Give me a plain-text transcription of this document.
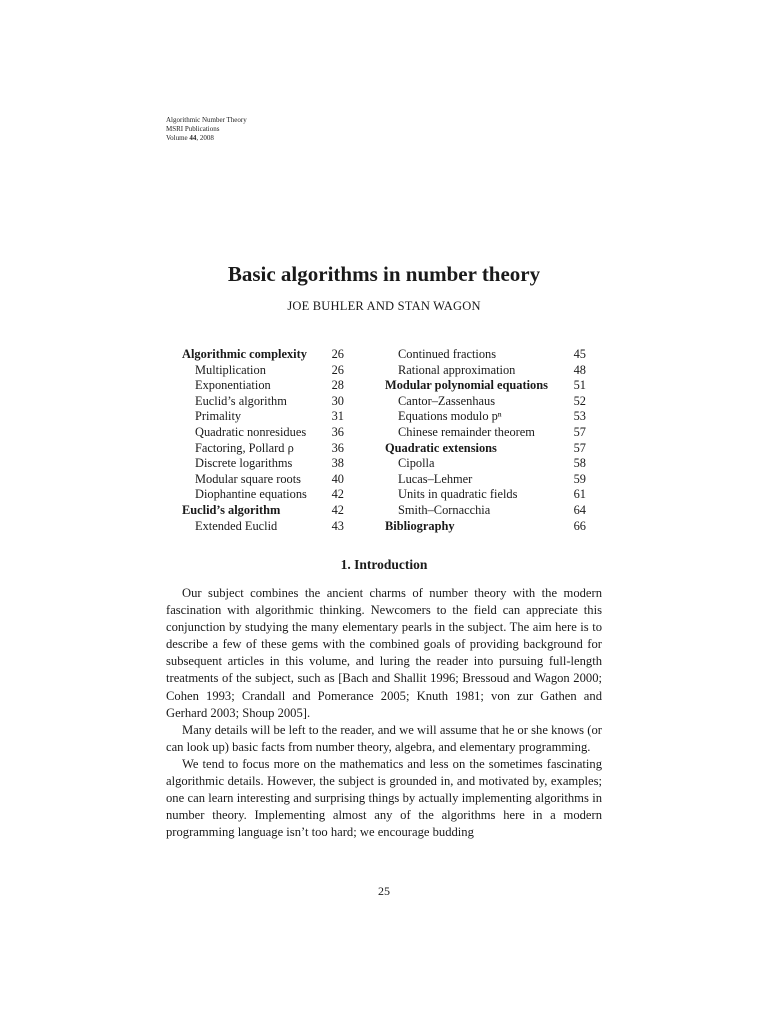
Algorithmic Number Theory
MSRI Publications
Volume 44, 2008
Basic algorithms in number theory
JOE BUHLER AND STAN WAGON
Algorithmic complexity 26
Multiplication	26
Exponentiation	28
Euclid’s algorithm	30
Primality	31
Quadratic nonresidues 36
Factoring, Pollard ρ	36
Discrete logarithms	38
Modular square roots 40
Diophantine equations 42
Euclid’s algorithm	42
Extended Euclid	43
Continued fractions	45
Rational approximation	48
Modular polynomial equations 51
Cantor–Zassenhaus	52
Equations modulo pⁿ	53
Chinese remainder theorem	57
Quadratic extensions	57
Cipolla	58
Lucas–Lehmer	59
Units in quadratic fields	61
Smith–Cornacchia	64
Bibliography	66
1. Introduction

Our subject combines the ancient charms of number theory with the modern fascination with algorithmic thinking. Newcomers to the field can appreciate this conjunction by studying the many elementary pearls in the subject. The aim here is to describe a few of these gems with the combined goals of providing background for subsequent articles in this volume, and luring the reader into pursuing full-length treatments of the subject, such as [Bach and Shallit 1996; Bressoud and Wagon 2000; Cohen 1993; Crandall and Pomerance 2005; Knuth 1981; von zur Gathen and Gerhard 2003; Shoup 2005].

Many details will be left to the reader, and we will assume that he or she knows (or can look up) basic facts from number theory, algebra, and elementary programming.

We tend to focus more on the mathematics and less on the sometimes fascinating algorithmic details. However, the subject is grounded in, and motivated by, examples; one can learn interesting and surprising things by actually implementing algorithms in number theory. Implementing almost any of the algorithms here in a modern programming language isn’t too hard; we encourage budding

25
